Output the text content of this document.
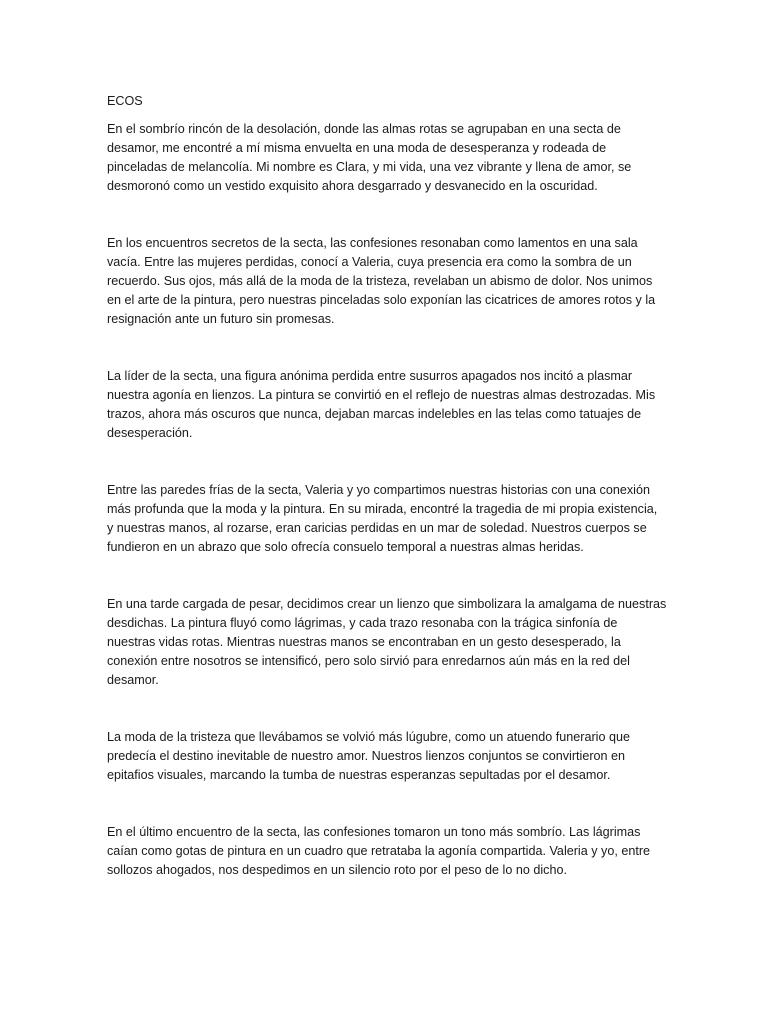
ECOS

En el sombrío rincón de la desolación, donde las almas rotas se agrupaban en una secta de desamor, me encontré a mí misma envuelta en una moda de desesperanza y rodeada de pinceladas de melancolía. Mi nombre es Clara, y mi vida, una vez vibrante y llena de amor, se desmoronó como un vestido exquisito ahora desgarrado y desvanecido en la oscuridad.

En los encuentros secretos de la secta, las confesiones resonaban como lamentos en una sala vacía. Entre las mujeres perdidas, conocí a Valeria, cuya presencia era como la sombra de un recuerdo. Sus ojos, más allá de la moda de la tristeza, revelaban un abismo de dolor. Nos unimos en el arte de la pintura, pero nuestras pinceladas solo exponían las cicatrices de amores rotos y la resignación ante un futuro sin promesas.

La líder de la secta, una figura anónima perdida entre susurros apagados nos incitó a plasmar nuestra agonía en lienzos. La pintura se convirtió en el reflejo de nuestras almas destrozadas. Mis trazos, ahora más oscuros que nunca, dejaban marcas indelebles en las telas como tatuajes de desesperación.

Entre las paredes frías de la secta, Valeria y yo compartimos nuestras historias con una conexión más profunda que la moda y la pintura. En su mirada, encontré la tragedia de mi propia existencia, y nuestras manos, al rozarse, eran caricias perdidas en un mar de soledad. Nuestros cuerpos se fundieron en un abrazo que solo ofrecía consuelo temporal a nuestras almas heridas.

En una tarde cargada de pesar, decidimos crear un lienzo que simbolizara la amalgama de nuestras desdichas. La pintura fluyó como lágrimas, y cada trazo resonaba con la trágica sinfonía de nuestras vidas rotas. Mientras nuestras manos se encontraban en un gesto desesperado, la conexión entre nosotros se intensificó, pero solo sirvió para enredarnos aún más en la red del desamor.

La moda de la tristeza que llevábamos se volvió más lúgubre, como un atuendo funerario que predecía el destino inevitable de nuestro amor. Nuestros lienzos conjuntos se convirtieron en epitafios visuales, marcando la tumba de nuestras esperanzas sepultadas por el desamor.

En el último encuentro de la secta, las confesiones tomaron un tono más sombrío. Las lágrimas caían como gotas de pintura en un cuadro que retrataba la agonía compartida. Valeria y yo, entre sollozos ahogados, nos despedimos en un silencio roto por el peso de lo no dicho.
